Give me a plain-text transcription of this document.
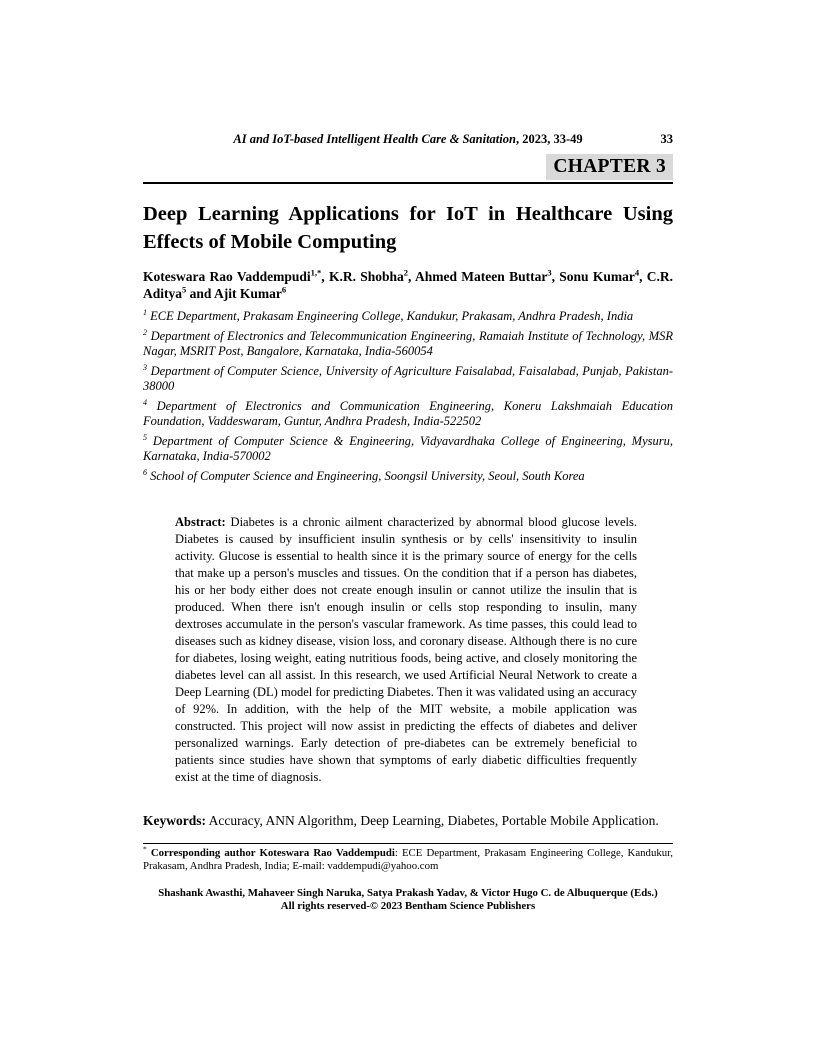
AI and IoT-based Intelligent Health Care & Sanitation, 2023, 33-49	33
CHAPTER 3
Deep Learning Applications for IoT in Healthcare Using Effects of Mobile Computing

Koteswara Rao Vaddempudi$^{1,*}$, K.R. Shobha$^2$, Ahmed Mateen Buttar$^3$, Sonu Kumar$^4$, C.R. Aditya$^5$ and Ajit Kumar$^6$

$^1$ ECE Department, Prakasam Engineering College, Kandukur, Prakasam, Andhra Pradesh, India

$^2$ Department of Electronics and Telecommunication Engineering, Ramaiah Institute of Technology, MSR Nagar, MSRIT Post, Bangalore, Karnataka, India-560054

$^3$ Department of Computer Science, University of Agriculture Faisalabad, Faisalabad, Punjab, Pakistan-38000

$^4$ Department of Electronics and Communication Engineering, Koneru Lakshmaiah Education Foundation, Vaddeswaram, Guntur, Andhra Pradesh, India-522502

$^5$ Department of Computer Science & Engineering, Vidyavardhaka College of Engineering, Mysuru, Karnataka, India-570002

$^6$ School of Computer Science and Engineering, Soongsil University, Seoul, South Korea

Abstract: Diabetes is a chronic ailment characterized by abnormal blood glucose levels. Diabetes is caused by insufficient insulin synthesis or by cells' insensitivity to insulin activity. Glucose is essential to health since it is the primary source of energy for the cells that make up a person's muscles and tissues. On the condition that if a person has diabetes, his or her body either does not create enough insulin or cannot utilize the insulin that is produced. When there isn't enough insulin or cells stop responding to insulin, many dextroses accumulate in the person's vascular framework. As time passes, this could lead to diseases such as kidney disease, vision loss, and coronary disease. Although there is no cure for diabetes, losing weight, eating nutritious foods, being active, and closely monitoring the diabetes level can all assist. In this research, we used Artificial Neural Network to create a Deep Learning (DL) model for predicting Diabetes. Then it was validated using an accuracy of 92%. In addition, with the help of the MIT website, a mobile application was constructed. This project will now assist in predicting the effects of diabetes and deliver personalized warnings. Early detection of pre-diabetes can be extremely beneficial to patients since studies have shown that symptoms of early diabetic difficulties frequently exist at the time of diagnosis.

Keywords: Accuracy, ANN Algorithm, Deep Learning, Diabetes, Portable Mobile Application.

* Corresponding author Koteswara Rao Vaddempudi: ECE Department, Prakasam Engineering College, Kandukur, Prakasam, Andhra Pradesh, India; E-mail: vaddempudi@yahoo.com

Shashank Awasthi, Mahaveer Singh Naruka, Satya Prakash Yadav, & Victor Hugo C. de Albuquerque (Eds.)
All rights reserved-© 2023 Bentham Science Publishers
